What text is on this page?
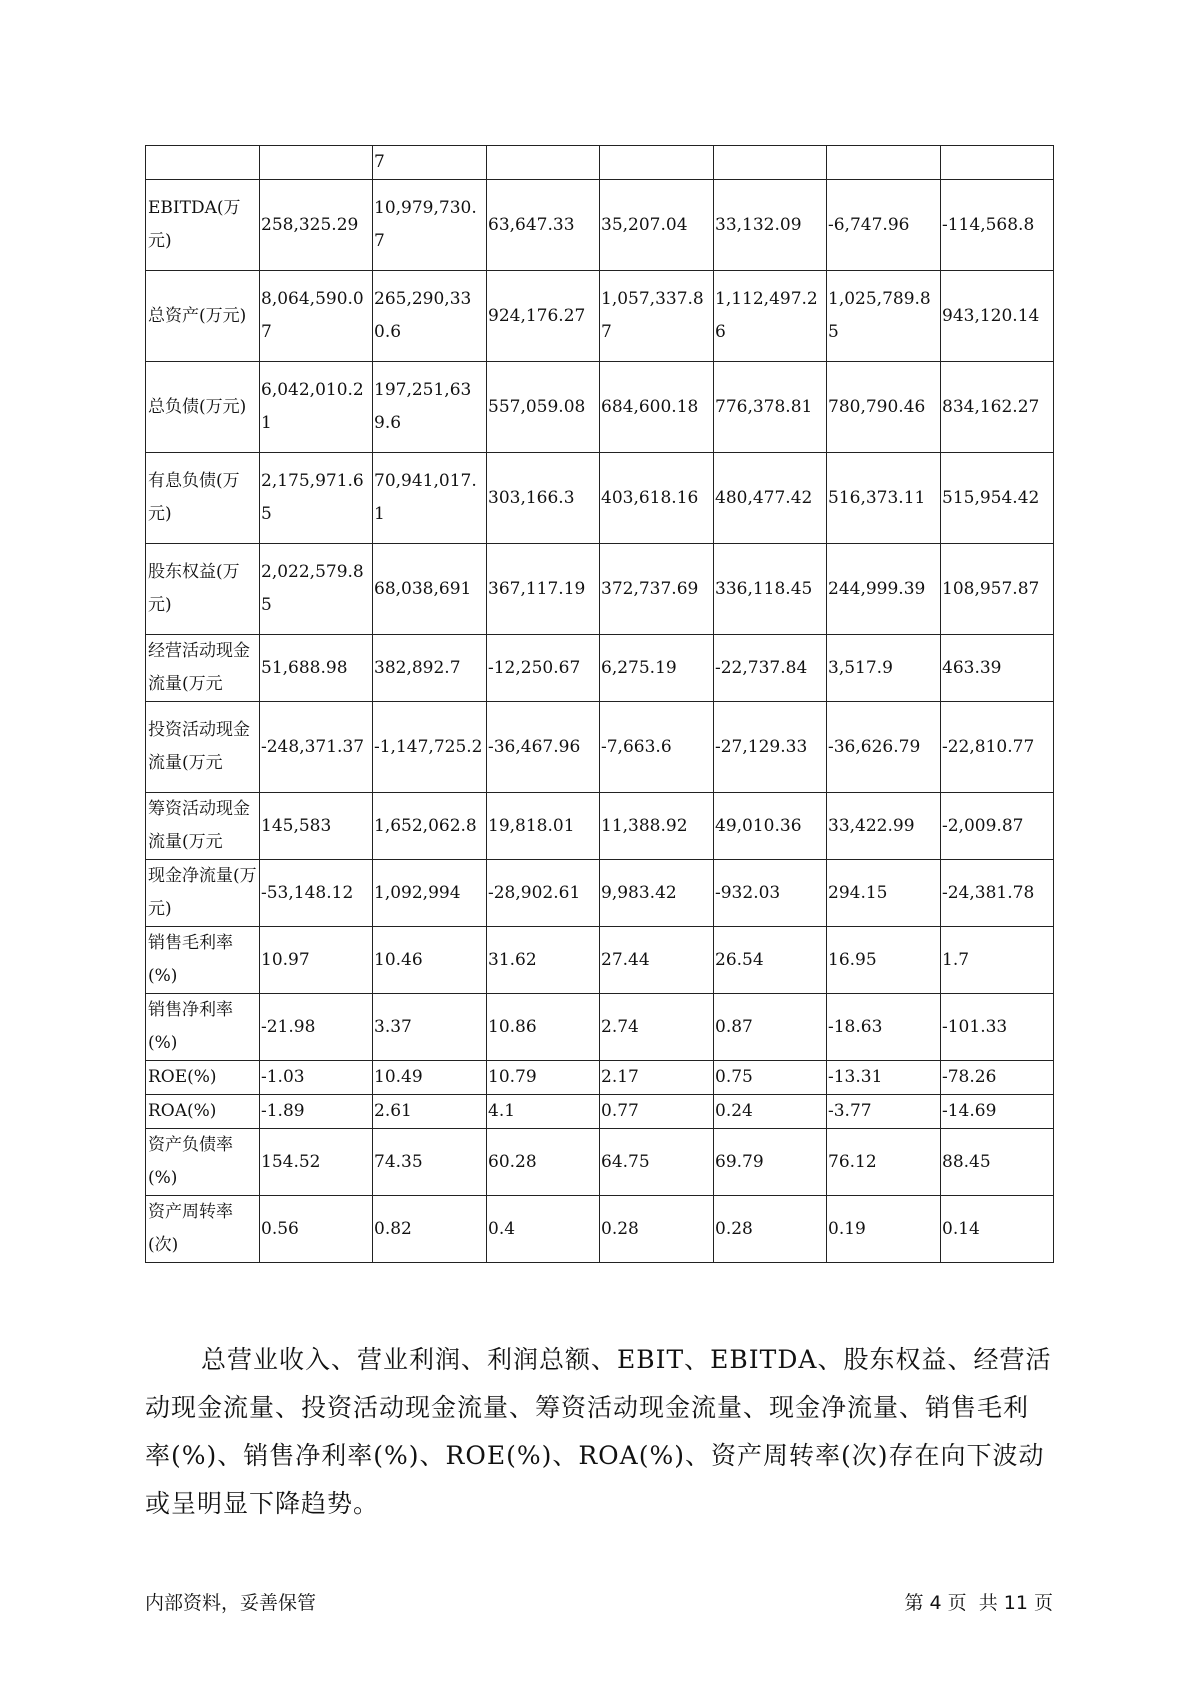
		7					
EBITDA(万元)	258,325.29	10,979,730.7	63,647.33	35,207.04	33,132.09	-6,747.96	-114,568.8
总资产(万元)	8,064,590.07	265,290,330.6	924,176.27	1,057,337.87	1,112,497.26	1,025,789.85	943,120.14
总负债(万元)	6,042,010.21	197,251,639.6	557,059.08	684,600.18	776,378.81	780,790.46	834,162.27
有息负债(万元)	2,175,971.65	70,941,017.1	303,166.3	403,618.16	480,477.42	516,373.11	515,954.42
股东权益(万元)	2,022,579.85	68,038,691	367,117.19	372,737.69	336,118.45	244,999.39	108,957.87
经营活动现金流量(万元	51,688.98	382,892.7	-12,250.67	6,275.19	-22,737.84	3,517.9	463.39
投资活动现金流量(万元	-248,371.37	-1,147,725.2	-36,467.96	-7,663.6	-27,129.33	-36,626.79	-22,810.77
筹资活动现金流量(万元	145,583	1,652,062.8	19,818.01	11,388.92	49,010.36	33,422.99	-2,009.87
现金净流量(万元)	-53,148.12	1,092,994	-28,902.61	9,983.42	-932.03	294.15	-24,381.78
销售毛利率(%)	10.97	10.46	31.62	27.44	26.54	16.95	1.7
销售净利率(%)	-21.98	3.37	10.86	2.74	0.87	-18.63	-101.33
ROE(%)	-1.03	10.49	10.79	2.17	0.75	-13.31	-78.26
ROA(%)	-1.89	2.61	4.1	0.77	0.24	-3.77	-14.69
资产负债率(%)	154.52	74.35	60.28	64.75	69.79	76.12	88.45
资产周转率(次)	0.56	0.82	0.4	0.28	0.28	0.19	0.14

总营业收入、营业利润、利润总额、EBIT、EBITDA、股东权益、经营活动现金流量、投资活动现金流量、筹资活动现金流量、现金净流量、销售毛利率(%)、销售净利率(%)、ROE(%)、ROA(%)、资产周转率(次)存在向下波动或呈明显下降趋势。

内部资料，妥善保管	第 4 页  共 11 页
